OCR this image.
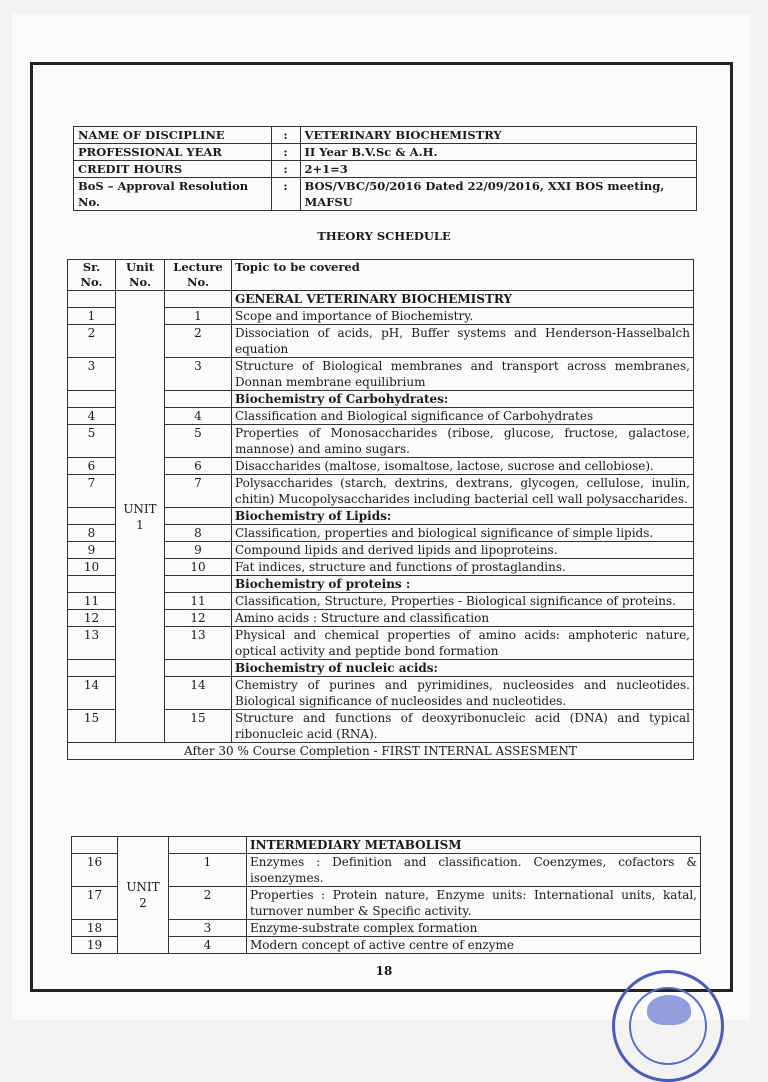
NAME OF DISCIPLINE	:	VETERINARY BIOCHEMISTRY
PROFESSIONAL YEAR	:	II Year B.V.Sc & A.H.
CREDIT HOURS	:	2+1=3
BoS – Approval Resolution No.	:	BOS/VBC/50/2016 Dated 22/09/2016, XXI BOS meeting, MAFSU
THEORY SCHEDULE
Sr. No.	Unit No.	Lecture No.	Topic to be covered
	UNIT 1		GENERAL VETERINARY BIOCHEMISTRY
1		1	Scope and importance of Biochemistry.
2		2	Dissociation of acids, pH, Buffer systems and Henderson-Hasselbalch equation
3		3	Structure of Biological membranes and transport across membranes, Donnan membrane equilibrium
			Biochemistry of Carbohydrates:
4		4	Classification and Biological significance of Carbohydrates
5		5	Properties of Monosaccharides (ribose, glucose, fructose, galactose, mannose) and amino sugars.
6		6	Disaccharides (maltose, isomaltose, lactose, sucrose and cellobiose).
7		7	Polysaccharides (starch, dextrins, dextrans, glycogen, cellulose, inulin, chitin) Mucopolysaccharides including bacterial cell wall polysaccharides.
			Biochemistry of Lipids:
8		8	Classification, properties and biological significance of simple lipids.
9		9	Compound lipids and derived lipids and lipoproteins.
10		10	Fat indices, structure and functions of prostaglandins.
			Biochemistry of proteins :
11		11	Classification, Structure, Properties - Biological significance of proteins.
12		12	Amino acids : Structure and classification
13		13	Physical and chemical properties of amino acids: amphoteric nature, optical activity and peptide bond formation
			Biochemistry of nucleic acids:
14		14	Chemistry of purines and pyrimidines, nucleosides and nucleotides. Biological significance of nucleosides and nucleotides.
15		15	Structure and functions of deoxyribonucleic acid (DNA) and typical ribonucleic acid (RNA).
After 30 % Course Completion - FIRST INTERNAL ASSESMENT			
	UNIT 2		INTERMEDIARY METABOLISM
16		1	Enzymes : Definition and classification. Coenzymes, cofactors & isoenzymes.
17		2	Properties : Protein nature, Enzyme units: International units, katal, turnover number & Specific activity.
18		3	Enzyme-substrate complex formation
19		4	Modern concept of active centre of enzyme
18
